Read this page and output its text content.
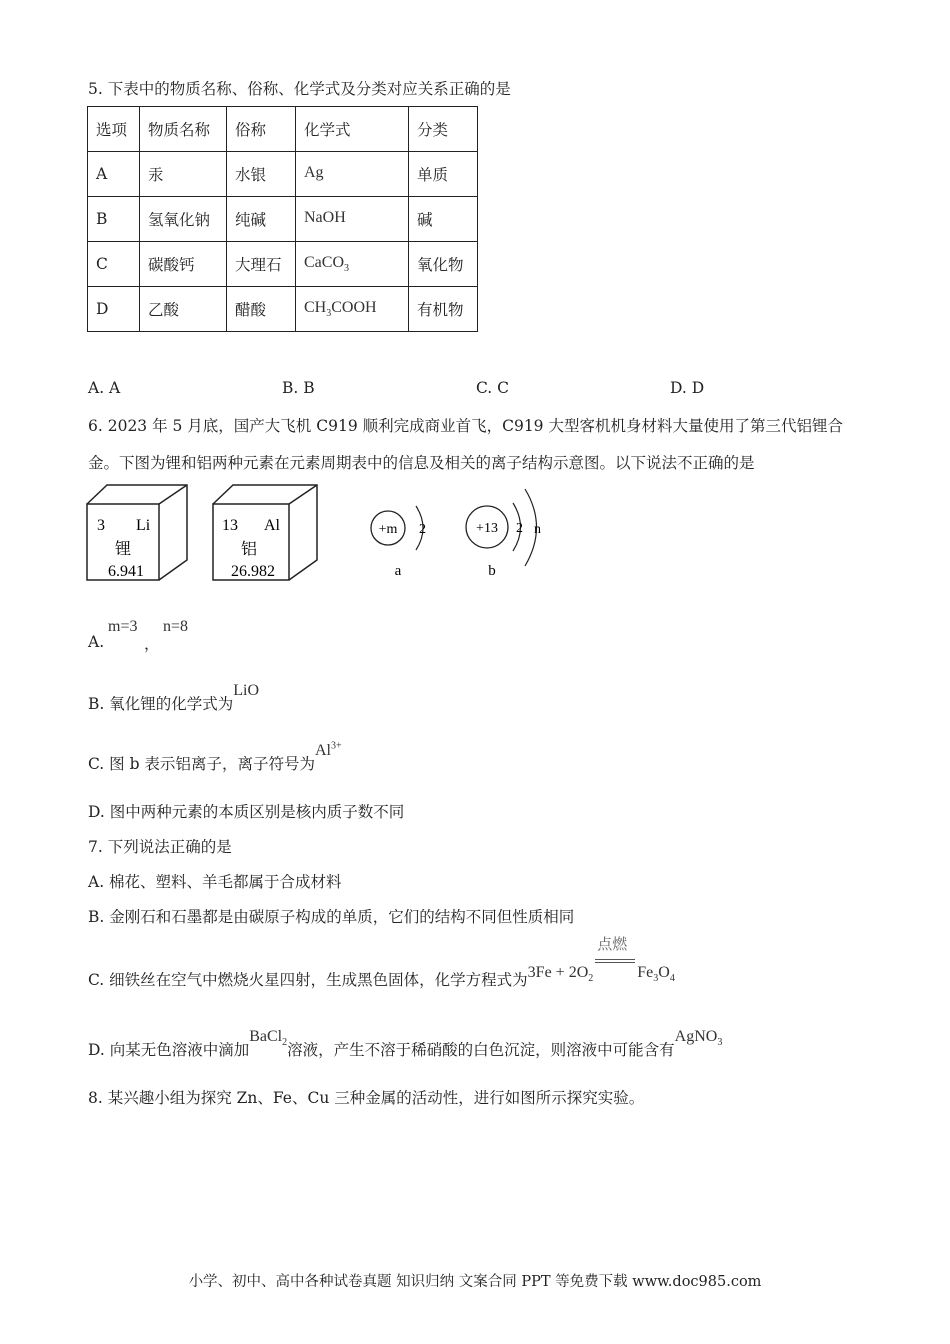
5. 下表中的物质名称、俗称、化学式及分类对应关系正确的是
选项	物质名称	俗称	化学式	分类
A	汞	水银	Ag	单质
B	氢氧化钠	纯碱	NaOH	碱
C	碳酸钙	大理石	CaCO$_3$	氧化物
D	乙酸	醋酸	$CH_3COOH$	有机物
A. A	B. B	C. C	D. D
6. 2023 年 5 月底，国产大飞机 C919 顺利完成商业首飞，C919 大型客机机身材料大量使用了第三代铝锂合
金。下图为锂和铝两种元素在元素周期表中的信息及相关的离子结构示意图。以下说法不正确的是
3 Li
锂
6.941
13 Al
铝
26.982
+m 2
a
+13 2 n
b
A.
m=3
，
n=8
B. 氧化锂的化学式为LiO
C. 图 b 表示铝离子，离子符号为$Al^{3+}$
D. 图中两种元素的本质区别是核内质子数不同
7. 下列说法正确的是
A. 棉花、塑料、羊毛都属于合成材料
B. 金刚石和石墨都是由碳原子构成的单质，它们的结构不同但性质相同
C. 细铁丝在空气中燃烧火星四射，生成黑色固体，化学方程式为$3Fe + 2O_2$
点燃
$Fe_3O_4$
D. 向某无色溶液中滴加BaCl$_2$溶液，产生不溶于稀硝酸的白色沉淀，则溶液中可能含有AgNO$_3$
8. 某兴趣小组为探究 Zn、Fe、Cu 三种金属的活动性，进行如图所示探究实验。
小学、初中、高中各种试卷真题 知识归纳 文案合同 PPT 等免费下载 www.doc985.com
